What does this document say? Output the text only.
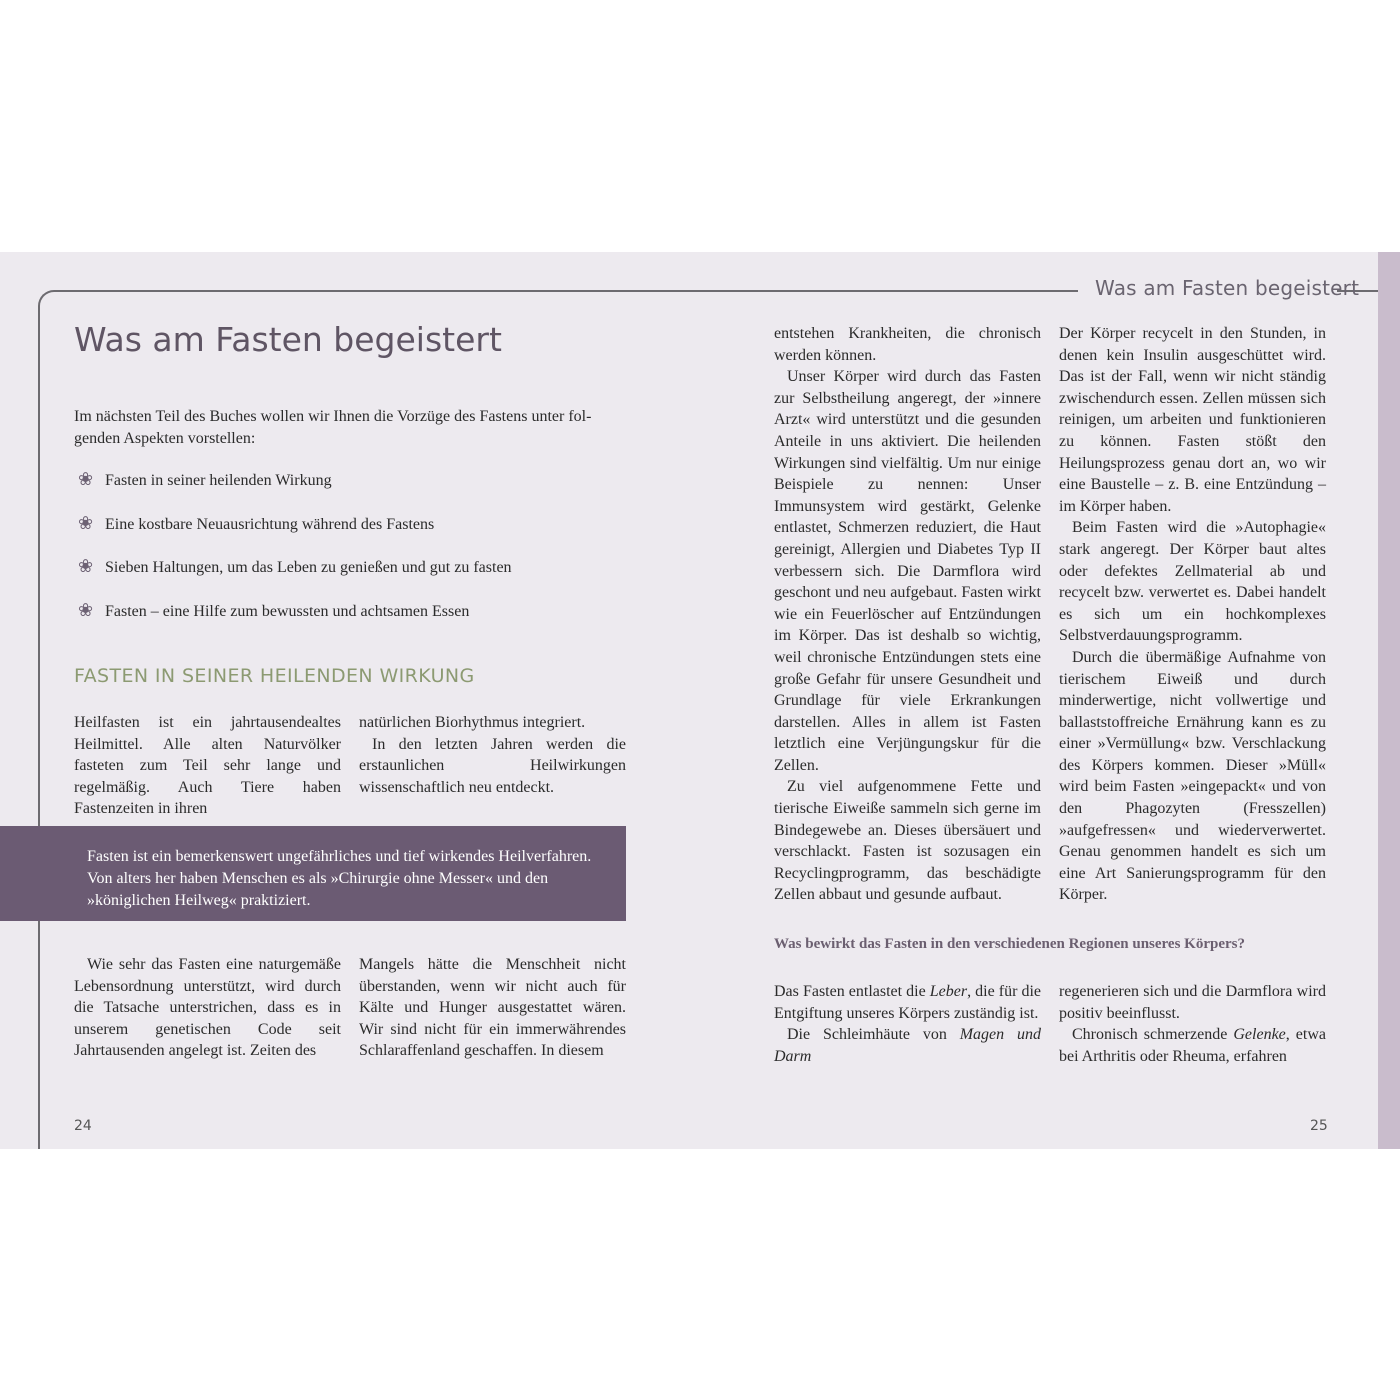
Was am Fasten begeistert
Was am Fasten begeistert
Im nächsten Teil des Buches wollen wir Ihnen die Vorzüge des Fastens unter fol-
genden Aspekten vorstellen:
❀ Fasten in seiner heilenden Wirkung
❀ Eine kostbare Neuausrichtung während des Fastens
❀ Sieben Haltungen, um das Leben zu genießen und gut zu fasten
❀ Fasten – eine Hilfe zum bewussten und achtsamen Essen
FASTEN IN SEINER HEILENDEN WIRKUNG

Heilfasten ist ein jahrtausendealtes Heilmittel. Alle alten Naturvölker fasteten zum Teil sehr lange und regelmäßig. Auch Tiere haben Fastenzeiten in ihren

natürlichen Biorhythmus integriert.

In den letzten Jahren werden die erstaunlichen Heilwirkungen wissenschaftlich neu entdeckt.

Fasten ist ein bemerkenswert ungefährliches und tief wirkendes Heilverfahren. Von alters her haben Menschen es als »Chirurgie ohne Messer« und den »königlichen Heilweg« praktiziert.

Wie sehr das Fasten eine naturgemäße Lebensordnung unterstützt, wird durch die Tatsache unterstrichen, dass es in unserem genetischen Code seit Jahrtausenden angelegt ist. Zeiten des

Mangels hätte die Menschheit nicht überstanden, wenn wir nicht auch für Kälte und Hunger ausgestattet wären. Wir sind nicht für ein immerwährendes Schlaraffenland geschaffen. In diesem

24

entstehen Krankheiten, die chronisch werden können.

Unser Körper wird durch das Fasten zur Selbstheilung angeregt, der »innere Arzt« wird unterstützt und die gesunden Anteile in uns aktiviert. Die heilenden Wirkungen sind vielfältig. Um nur einige Beispiele zu nennen: Unser Immunsystem wird gestärkt, Gelenke entlastet, Schmerzen reduziert, die Haut gereinigt, Allergien und Diabetes Typ II verbessern sich. Die Darmflora wird geschont und neu aufgebaut. Fasten wirkt wie ein Feuerlöscher auf Entzündungen im Körper. Das ist deshalb so wichtig, weil chronische Entzündungen stets eine große Gefahr für unsere Gesundheit und Grundlage für viele Erkrankungen darstellen. Alles in allem ist Fasten letztlich eine Verjüngungskur für die Zellen.

Zu viel aufgenommene Fette und tierische Eiweiße sammeln sich gerne im Bindegewebe an. Dieses übersäuert und verschlackt. Fasten ist sozusagen ein Recyclingprogramm, das beschädigte Zellen abbaut und gesunde aufbaut.

Der Körper recycelt in den Stunden, in denen kein Insulin ausgeschüttet wird. Das ist der Fall, wenn wir nicht ständig zwischendurch essen. Zellen müssen sich reinigen, um arbeiten und funktionieren zu können. Fasten stößt den Heilungsprozess genau dort an, wo wir eine Baustelle – z. B. eine Entzündung – im Körper haben.

Beim Fasten wird die »Autophagie« stark angeregt. Der Körper baut altes oder defektes Zellmaterial ab und recycelt bzw. verwertet es. Dabei handelt es sich um ein hochkomplexes Selbstverdauungsprogramm.

Durch die übermäßige Aufnahme von tierischem Eiweiß und durch minderwertige, nicht vollwertige und ballaststoffreiche Ernährung kann es zu einer »Vermüllung« bzw. Verschlackung des Körpers kommen. Dieser »Müll« wird beim Fasten »eingepackt« und von den Phagozyten (Fresszellen) »aufgefressen« und wiederverwertet. Genau genommen handelt es sich um eine Art Sanierungsprogramm für den Körper.

Was bewirkt das Fasten in den verschiedenen Regionen unseres Körpers?

Das Fasten entlastet die Leber, die für die Entgiftung unseres Körpers zuständig ist.

Die Schleimhäute von Magen und Darm

regenerieren sich und die Darmflora wird positiv beeinflusst.

Chronisch schmerzende Gelenke, etwa bei Arthritis oder Rheuma, erfahren

25
